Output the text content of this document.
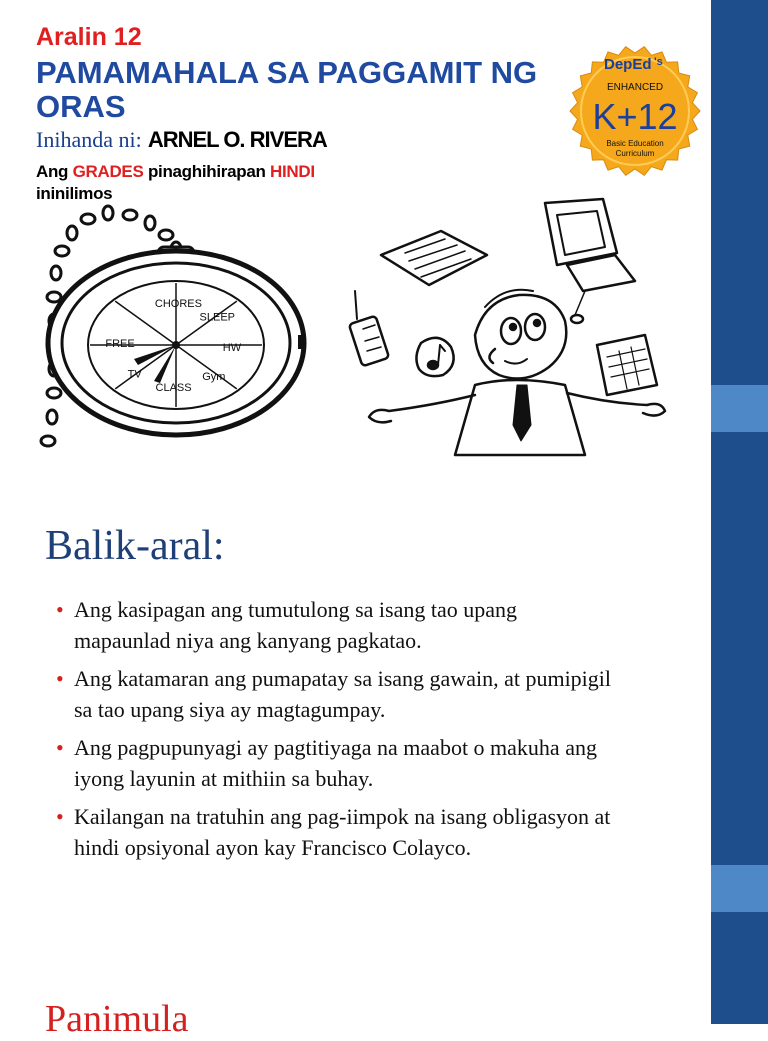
Aralin 12
PAMAMAHALA SA PAGGAMIT NG ORAS
Inihanda ni: ARNEL O. RIVERA
Ang GRADES pinaghihirapan HINDI
ininilimos
DepEd 's
ENHANCED
K+12
Basic Education
Curriculum
CHORES
SLEEP
HW
Gym
CLASS
TV
FREE
Balik-aral:
• Ang kasipagan ang tumutulong sa isang tao upang mapaunlad niya ang kanyang pagkatao.
• Ang katamaran ang pumapatay sa isang gawain, at pumipigil sa tao upang siya ay magtagumpay.
• Ang pagpupunyagi ay pagtitiyaga na maabot o makuha ang iyong layunin at mithiin sa buhay.
• Kailangan na tratuhin ang pag-iimpok na isang obligasyon at hindi opsiyonal ayon kay Francisco Colayco.
Panimula
